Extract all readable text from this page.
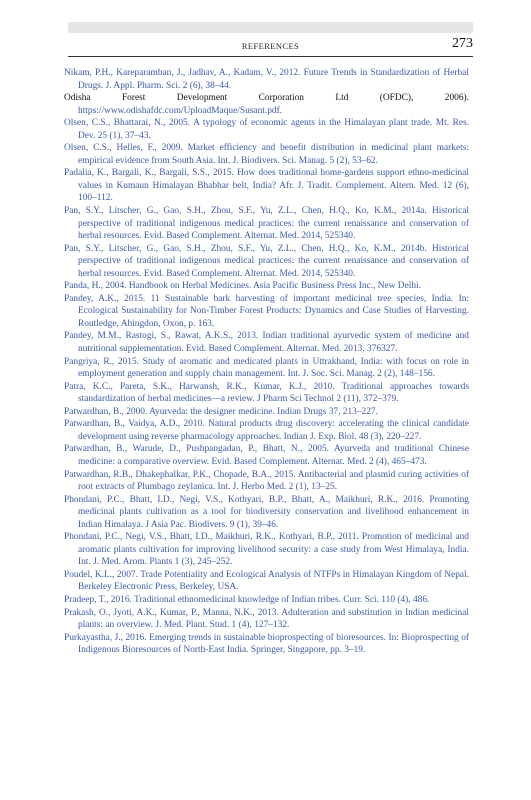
REFERENCES	273

Nikam, P.H., Kareparamban, J., Jadhav, A., Kadam, V., 2012. Future Trends in Standardization of Herbal Drugs. J. Appl. Pharm. Sci. 2 (6), 38–44.

Odisha Forest Development Corporation Ltd (OFDC), 2006). https://www.odishafdc.com/UploadMaque/Susant.pdf.

Olsen, C.S., Bhattarai, N., 2005. A typology of economic agents in the Himalayan plant trade. Mt. Res. Dev. 25 (1), 37–43.

Olsen, C.S., Helles, F., 2009. Market efficiency and benefit distribution in medicinal plant markets: empirical evidence from South Asia. Int. J. Biodivers. Sci. Manag. 5 (2), 53–62.

Padalia, K., Bargali, K., Bargali, S.S., 2015. How does traditional home-gardens support ethno-medicinal values in Kumaun Himalayan Bhabhar belt, India? Afr. J. Tradit. Complement. Altern. Med. 12 (6), 100–112.

Pan, S.Y., Litscher, G., Gao, S.H., Zhou, S.F., Yu, Z.L., Chen, H.Q., Ko, K.M., 2014a. Historical perspective of traditional indigenous medical practices: the current renaissance and conservation of herbal resources. Evid. Based Complement. Alternat. Med. 2014, 525340.

Pan, S.Y., Litscher, G., Gao, S.H., Zhou, S.F., Yu, Z.L., Chen, H.Q., Ko, K.M., 2014b. Historical perspective of traditional indigenous medical practices: the current renaissance and conservation of herbal resources. Evid. Based Complement. Alternat. Med. 2014, 525340.

Panda, H., 2004. Handbook on Herbal Medicines. Asia Pacific Business Press Inc., New Delhi.

Pandey, A.K., 2015. 11 Sustainable bark harvesting of important medicinal tree species, India. In: Ecological Sustainability for Non-Timber Forest Products: Dynamics and Case Studies of Harvesting. Routledge, Abingdon, Oxon, p. 163.

Pandey, M.M., Rastogi, S., Rawat, A.K.S., 2013. Indian traditional ayurvedic system of medicine and nutritional supplementation. Evid. Based Complement. Alternat. Med. 2013, 376327.

Pangriya, R., 2015. Study of aromatic and medicated plants in Uttrakhand, India: with focus on role in employment generation and supply chain management. Int. J. Soc. Sci. Manag. 2 (2), 148–156.

Patra, K.C., Pareta, S.K., Harwansh, R.K., Kumar, K.J., 2010. Traditional approaches towards standardization of herbal medicines—a review. J Pharm Sci Technol 2 (11), 372–379.

Patwardhan, B., 2000. Ayurveda: the designer medicine. Indian Drugs 37, 213–227.

Patwardhan, B., Vaidya, A.D., 2010. Natural products drug discovery: accelerating the clinical candidate development using reverse pharmacology approaches. Indian J. Exp. Biol. 48 (3), 220–227.

Patwardhan, B., Warude, D., Pushpangadan, P., Bhatt, N., 2005. Ayurveda and traditional Chinese medicine: a comparative overview. Evid. Based Complement. Alternat. Med. 2 (4), 465–473.

Patwardhan, R.B., Dhakephalkar, P.K., Chopade, B.A., 2015. Antibacterial and plasmid curing activities of root extracts of Plumbago zeylanica. Int. J. Herbo Med. 2 (1), 13–25.

Phondani, P.C., Bhatt, I.D., Negi, V.S., Kothyari, B.P., Bhatt, A., Maikhuri, R.K., 2016. Promoting medicinal plants cultivation as a tool for biodiversity conservation and livelihood enhancement in Indian Himalaya. J Asia Pac. Biodivers. 9 (1), 39–46.

Phondani, P.C., Negi, V.S., Bhatt, I.D., Maikhuri, R.K., Kothyari, B.P., 2011. Promotion of medicinal and aromatic plants cultivation for improving livelihood security: a case study from West Himalaya, India. Int. J. Med. Arom. Plants 1 (3), 245–252.

Poudel, K.L., 2007. Trade Potentiality and Ecological Analysis of NTFPs in Himalayan Kingdom of Nepal. Berkeley Electronic Press, Berkeley, USA.

Pradeep, T., 2016. Traditional ethnomedicinal knowledge of Indian tribes. Curr. Sci. 110 (4), 486.

Prakash, O., Jyoti, A.K., Kumar, P., Manna, N.K., 2013. Adulteration and substitution in Indian medicinal plants: an overview. J. Med. Plant. Stud. 1 (4), 127–132.

Purkayastha, J., 2016. Emerging trends in sustainable bioprospecting of bioresources. In: Bioprospecting of Indigenous Bioresources of North-East India. Springer, Singapore, pp. 3–19.
